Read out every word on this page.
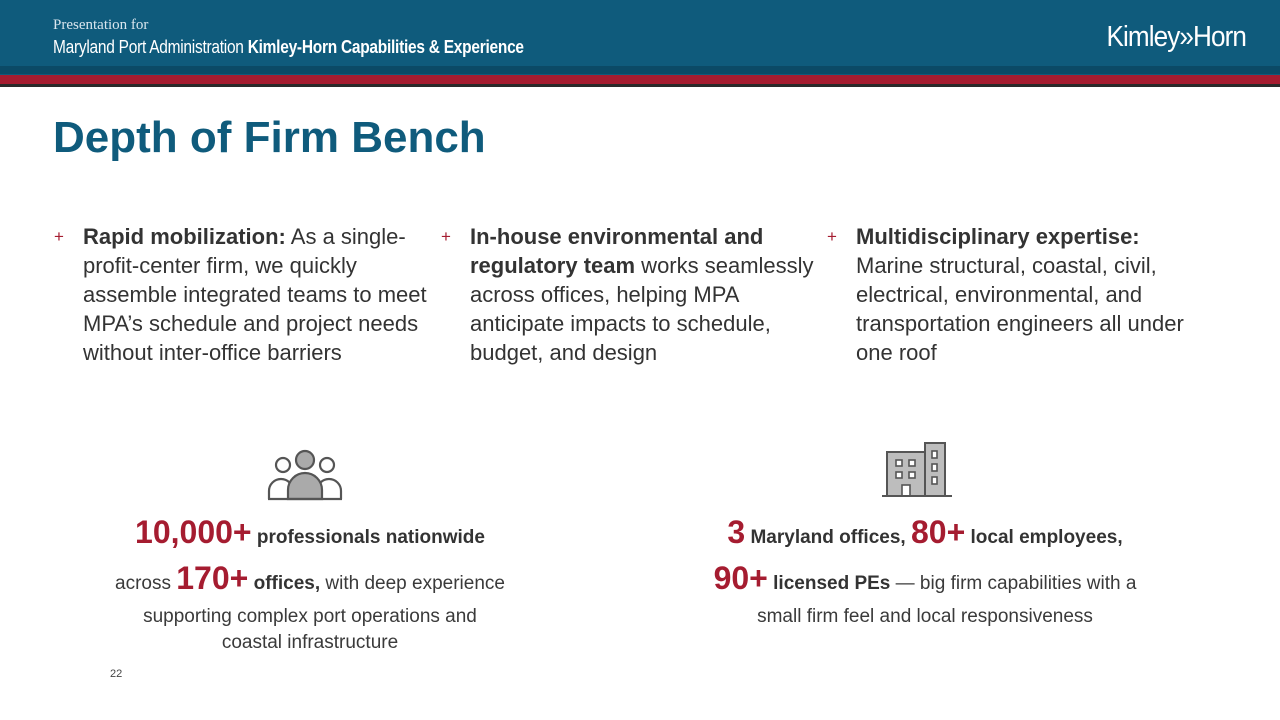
Presentation for
Maryland Port Administration Kimley-Horn Capabilities & Experience	Kimley»Horn
Depth of Firm Bench
+ Rapid mobilization: As a single-profit-center firm, we quickly assemble integrated teams to meet MPA’s schedule and project needs without inter-office barriers
+ In-house environmental and regulatory team works seamlessly across offices, helping MPA anticipate impacts to schedule, budget, and design
+ Multidisciplinary expertise: Marine structural, coastal, civil, electrical, environmental, and transportation engineers all under one roof
10,000+ professionals nationwide
across 170+ offices, with deep experience
supporting complex port operations and
coastal infrastructure
3 Maryland offices, 80+ local employees,
90+ licensed PEs — big firm capabilities with a
small firm feel and local responsiveness
22
